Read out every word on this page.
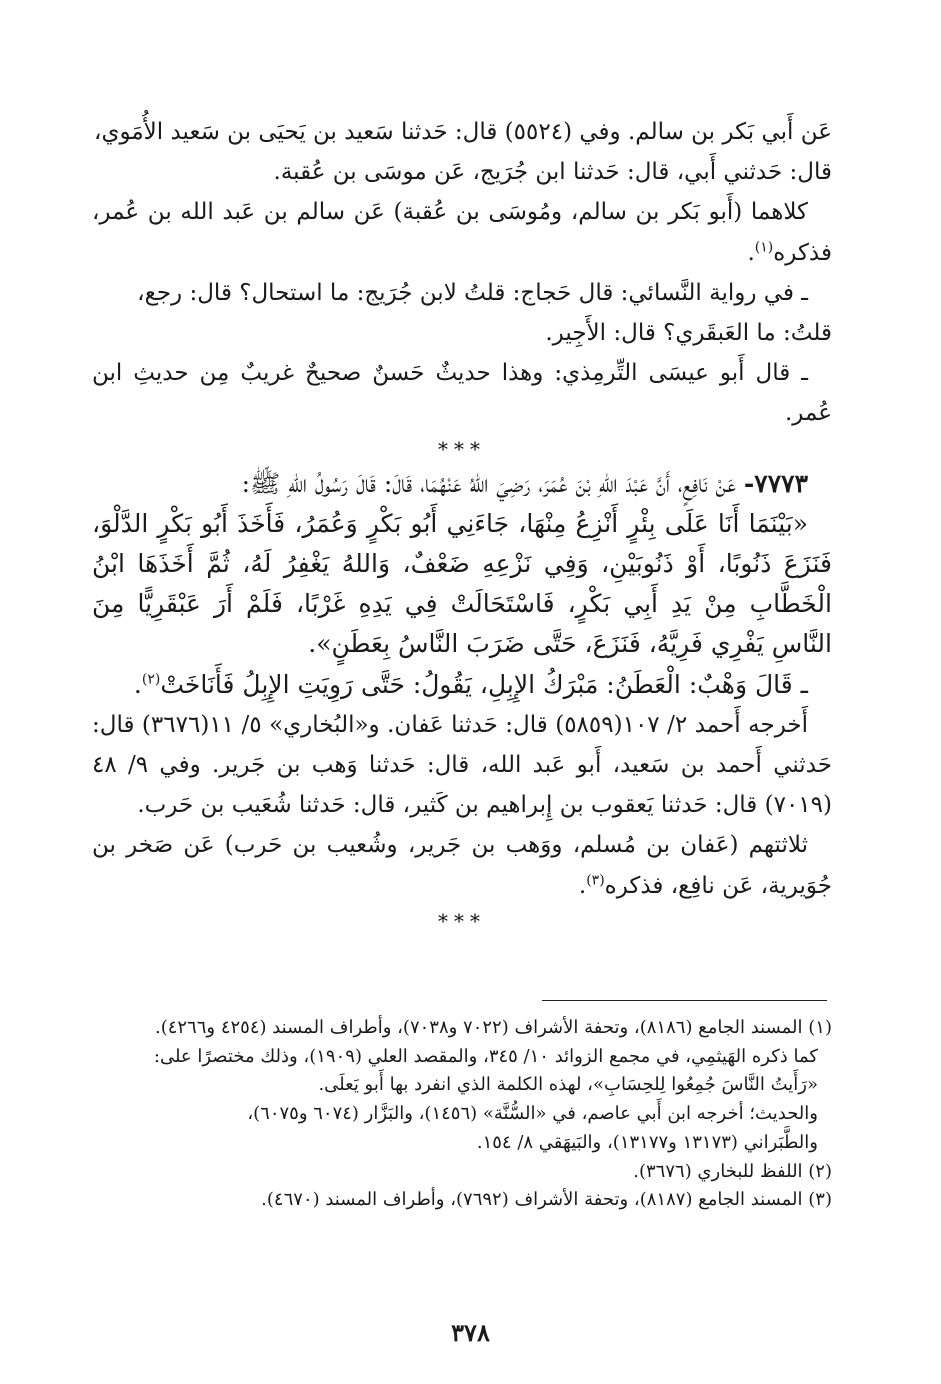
عَن أَبي بَكر بن سالم. وفي (٥٥٢٤) قال: حَدثنا سَعيد بن يَحيَى بن سَعيد الأُمَوي،

قال: حَدثني أَبي، قال: حَدثنا ابن جُرَيج، عَن موسَى بن عُقبة.

كلاهما (أَبو بَكر بن سالم، ومُوسَى بن عُقبة) عَن سالم بن عَبد الله بن عُمر، فذكره$^{(١)}$.

ـ في رواية النَّسائي: قال حَجاج: قلتُ لابن جُرَيج: ما استحال؟ قال: رجع،

قلتُ: ما العَبقَري؟ قال: الأَجِير.

ـ قال أَبو عيسَى التِّرمِذي: وهذا حديثٌ حَسنٌ صحيحٌ غريبٌ مِن حديثِ ابن عُمر.

***

٧٧٧٣- عَنْ نَافِعٍ، أَنَّ عَبْدَ اللهِ بْنَ عُمَرَ، رَضِيَ اللهُ عَنْهُمَا، قَالَ: قَالَ رَسُولُ اللهِ ﷺ:

«بَيْنَمَا أَنَا عَلَى بِئْرٍ أَنْزِعُ مِنْهَا، جَاءَنِي أَبُو بَكْرٍ وَعُمَرُ، فَأَخَذَ أَبُو بَكْرٍ الدَّلْوَ، فَنَزَعَ ذَنُوبًا، أَوْ ذَنُوبَيْنِ، وَفِي نَزْعِهِ ضَعْفٌ، وَاللهُ يَغْفِرُ لَهُ، ثُمَّ أَخَذَهَا ابْنُ الْخَطَّابِ مِنْ يَدِ أَبِي بَكْرٍ، فَاسْتَحَالَتْ فِي يَدِهِ غَرْبًا، فَلَمْ أَرَ عَبْقَرِيًّا مِنَ النَّاسِ يَفْرِي فَرِيَّهُ، فَنَزَعَ، حَتَّى ضَرَبَ النَّاسُ بِعَطَنٍ».

ـ قَالَ وَهْبٌ: الْعَطَنُ: مَبْرَكُ الإِبِلِ، يَقُولُ: حَتَّى رَوِيَتِ الإِبِلُ فَأَنَاخَتْ$^{(٢)}$.

أَخرجه أَحمد ٢/ ١٠٧(٥٨٥٩) قال: حَدثنا عَفان. و«البُخاري» ٥/ ١١(٣٦٧٦) قال: حَدثني أَحمد بن سَعيد، أَبو عَبد الله، قال: حَدثنا وَهب بن جَرير. وفي ٩/ ٤٨ (٧٠١٩) قال: حَدثنا يَعقوب بن إِبراهيم بن كَثير، قال: حَدثنا شُعَيب بن حَرب.

ثلاثتهم (عَفان بن مُسلم، ووَهب بن جَرير، وشُعيب بن حَرب) عَن صَخر بن جُوَيرية، عَن نافِع، فذكره$^{(٣)}$.

***

(١) المسند الجامع (٨١٨٦)، وتحفة الأشراف (٧٠٢٢ و٧٠٣٨)، وأطراف المسند (٤٢٥٤ و٤٢٦٦).

كما ذكره الهَيثمِي، في مجمع الزوائد ١٠/ ٣٤٥، والمقصد العلي (١٩٠٩)، وذلك مختصرًا على:

«رَأَيتُ النَّاسَ جُمِعُوا لِلحِسَابِ»، لهذه الكلمة الذي انفرد بها أَبو يَعلَى.

والحديث؛ أخرجه ابن أَبي عاصم، في «السُّنَّة» (١٤٥٦)، والبَزَّار (٦٠٧٤ و٦٠٧٥)،

والطَّبَراني (١٣١٧٣ و١٣١٧٧)، والبَيهَقي ٨/ ١٥٤.

(٢) اللفظ للبخاري (٣٦٧٦).

(٣) المسند الجامع (٨١٨٧)، وتحفة الأشراف (٧٦٩٢)، وأطراف المسند (٤٦٧٠).

٣٧٨
